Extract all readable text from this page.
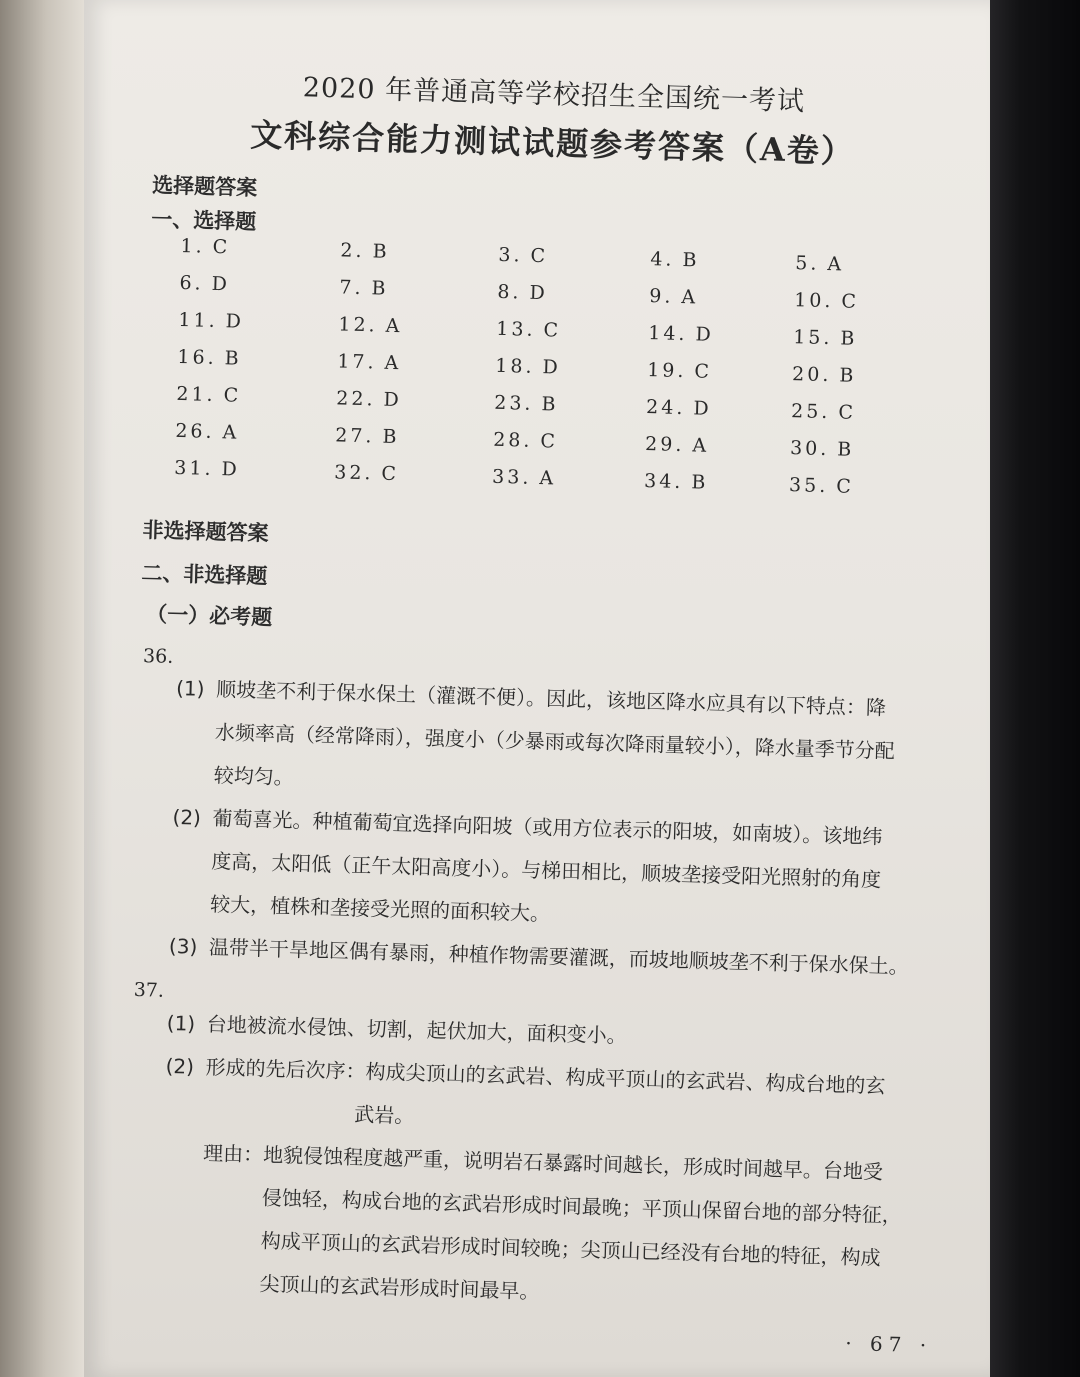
2020 年普通高等学校招生全国统一考试
文科综合能力测试试题参考答案（A卷）
选择题答案
一、选择题
1. C	2. B	3. C	4. B	5. A
6. D	7. B	8. D	9. A	10. C
11. D	12. A	13. C	14. D	15. B
16. B	17. A	18. D	19. C	20. B
21. C	22. D	23. B	24. D	25. C
26. A	27. B	28. C	29. A	30. B
31. D	32. C	33. A	34. B	35. C
非选择题答案
二、非选择题
（一）必考题
36.
(1) 顺坡垄不利于保水保土（灌溉不便）。因此，该地区降水应具有以下特点：降
水频率高（经常降雨），强度小（少暴雨或每次降雨量较小），降水量季节分配
较均匀。
(2) 葡萄喜光。种植葡萄宜选择向阳坡（或用方位表示的阳坡，如南坡）。该地纬
度高，太阳低（正午太阳高度小）。与梯田相比，顺坡垄接受阳光照射的角度
较大，植株和垄接受光照的面积较大。
(3) 温带半干旱地区偶有暴雨，种植作物需要灌溉，而坡地顺坡垄不利于保水保土。
37.
(1) 台地被流水侵蚀、切割，起伏加大，面积变小。
(2) 形成的先后次序：构成尖顶山的玄武岩、构成平顶山的玄武岩、构成台地的玄
武岩。
理由：地貌侵蚀程度越严重，说明岩石暴露时间越长，形成时间越早。台地受
侵蚀轻，构成台地的玄武岩形成时间最晚；平顶山保留台地的部分特征，
构成平顶山的玄武岩形成时间较晚；尖顶山已经没有台地的特征，构成
尖顶山的玄武岩形成时间最早。
· 67 ·
